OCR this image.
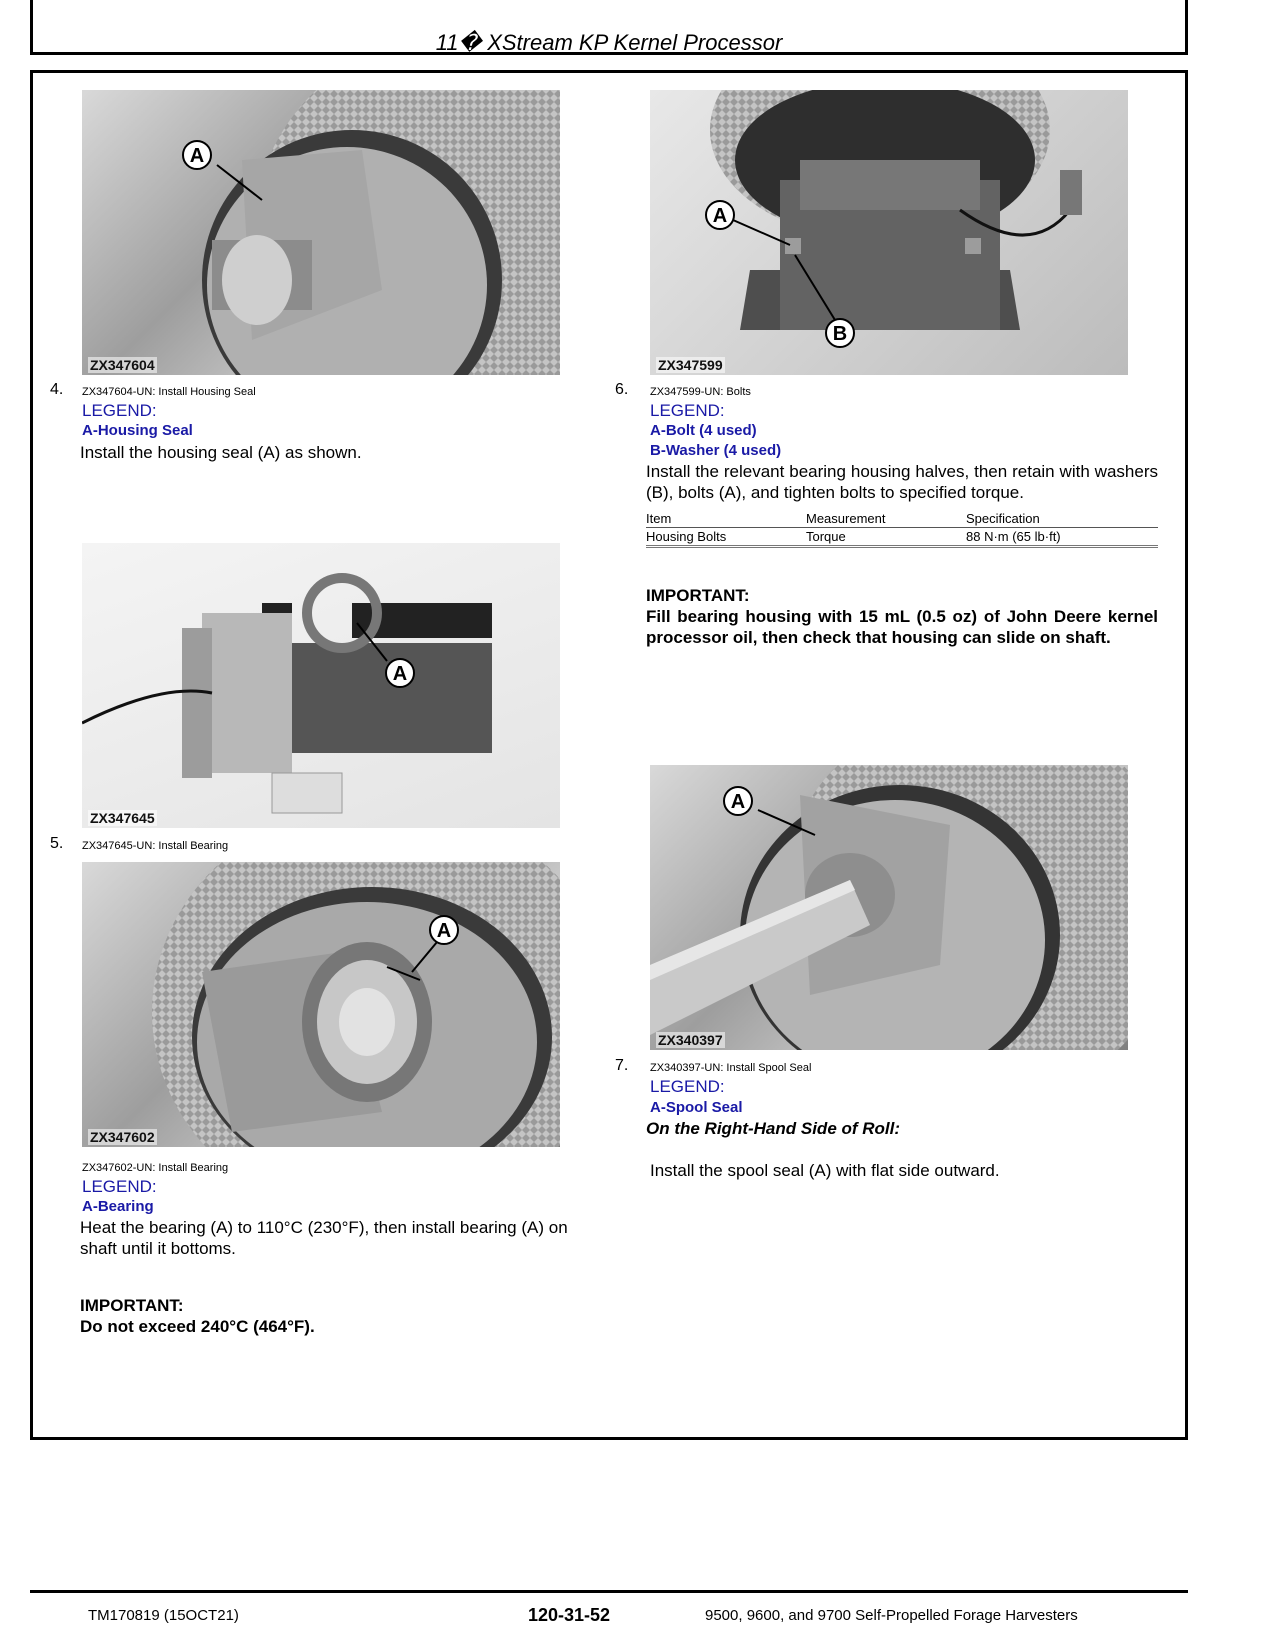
11� XStream KP Kernel Processor
A
ZX347604
4. ZX347604-UN: Install Housing Seal
LEGEND:
A-Housing Seal
Install the housing seal (A) as shown.
A
ZX347645
5. ZX347645-UN: Install Bearing
A
ZX347602
ZX347602-UN: Install Bearing
LEGEND:
A-Bearing
Heat the bearing (A) to 110°C (230°F), then install bearing (A) on shaft until it bottoms.
IMPORTANT:
Do not exceed 240°C (464°F).
A
B
ZX347599
6. ZX347599-UN: Bolts
LEGEND:
A-Bolt (4 used)
B-Washer (4 used)
Install the relevant bearing housing halves, then retain with washers (B), bolts (A), and tighten bolts to specified torque.
Item	Measurement	Specification
Housing Bolts	Torque	88 N·m (65 lb·ft)
IMPORTANT:
Fill bearing housing with 15 mL (0.5 oz) of John Deere kernel processor oil, then check that housing can slide on shaft.
A
ZX340397
7. ZX340397-UN: Install Spool Seal
LEGEND:
A-Spool Seal
On the Right-Hand Side of Roll:
Install the spool seal (A) with flat side outward.
TM170819 (15OCT21)	120-31-52	9500, 9600, and 9700 Self-Propelled Forage Harvesters
